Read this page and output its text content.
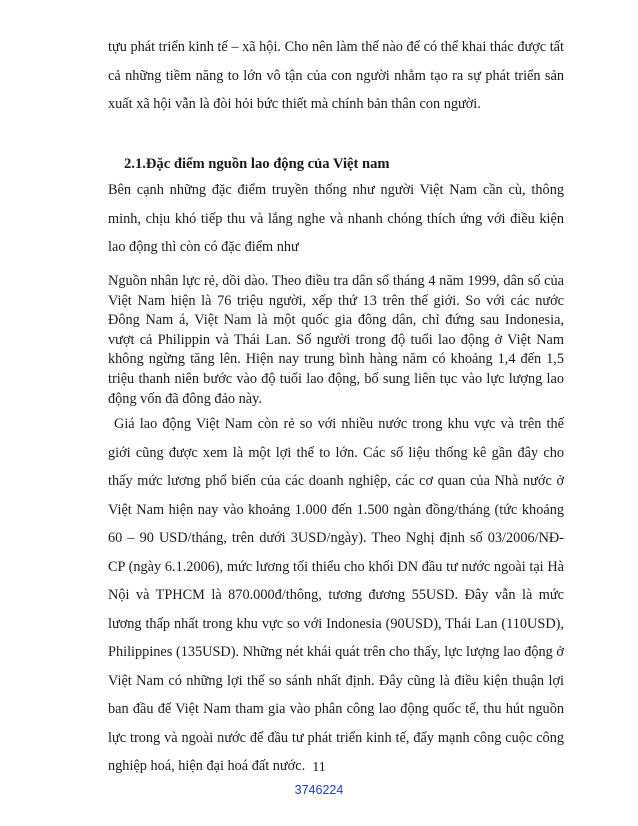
tựu phát triển kinh tế – xã hội. Cho nên làm thế nào để có thể khai thác được tất cả những tiềm năng to lớn vô tận của con người nhằm tạo ra sự phát triển sản xuất xã hội vẫn là đòi hỏi bức thiết mà chính bản thân con người.

2.1.Đặc điểm nguồn lao động của Việt nam

Bên cạnh những đặc điểm truyền thống như người Việt Nam cần cù, thông minh, chịu khó tiếp thu và lắng nghe và nhanh chóng thích ứng với điều kiện lao động thì còn có đặc điểm như

Nguồn nhân lực rẻ, dồi dào. Theo điều tra dân số tháng 4 năm 1999, dân số của Việt Nam hiện là 76 triệu người, xếp thứ 13 trên thế giới. So với các nước Đông Nam á, Việt Nam là một quốc gia đông dân, chỉ đứng sau Indonesia, vượt cả Philippin và Thái Lan. Số người trong độ tuổi lao động ở Việt Nam không ngừng tăng lên. Hiện nay trung bình hàng năm có khoảng 1,4 đến 1,5 triệu thanh niên bước vào độ tuổi lao động, bổ sung liên tục vào lực lượng lao động vốn đã đông đảo này.

Giá lao động Việt Nam còn rẻ so với nhiều nước trong khu vực và trên thế giới cũng được xem là một lợi thế to lớn. Các số liệu thống kê gần đây cho thấy mức lương phổ biến của các doanh nghiệp, các cơ quan của Nhà nước ở Việt Nam hiện nay vào khoảng 1.000 đến 1.500 ngàn đồng/tháng (tức khoảng 60 – 90 USD/tháng, trên dưới 3USD/ngày). Theo Nghị định số 03/2006/NĐ-CP (ngày 6.1.2006), mức lương tối thiểu cho khối DN đầu tư nước ngoài tại Hà Nội và TPHCM là 870.000đ/thông, tương đương 55USD. Đây vẫn là mức lương thấp nhất trong khu vực so với Indonesia (90USD), Thái Lan (110USD), Philippines (135USD). Những nét khái quát trên cho thấy, lực lượng lao động ở Việt Nam có những lợi thế so sánh nhất định. Đây cũng là điều kiện thuận lợi ban đầu để Việt Nam tham gia vào phân công lao động quốc tế, thu hút nguồn lực trong và ngoài nước để đầu tư phát triển kinh tế, đẩy mạnh công cuộc công nghiệp hoá, hiện đại hoá đất nước. 11
3746224
